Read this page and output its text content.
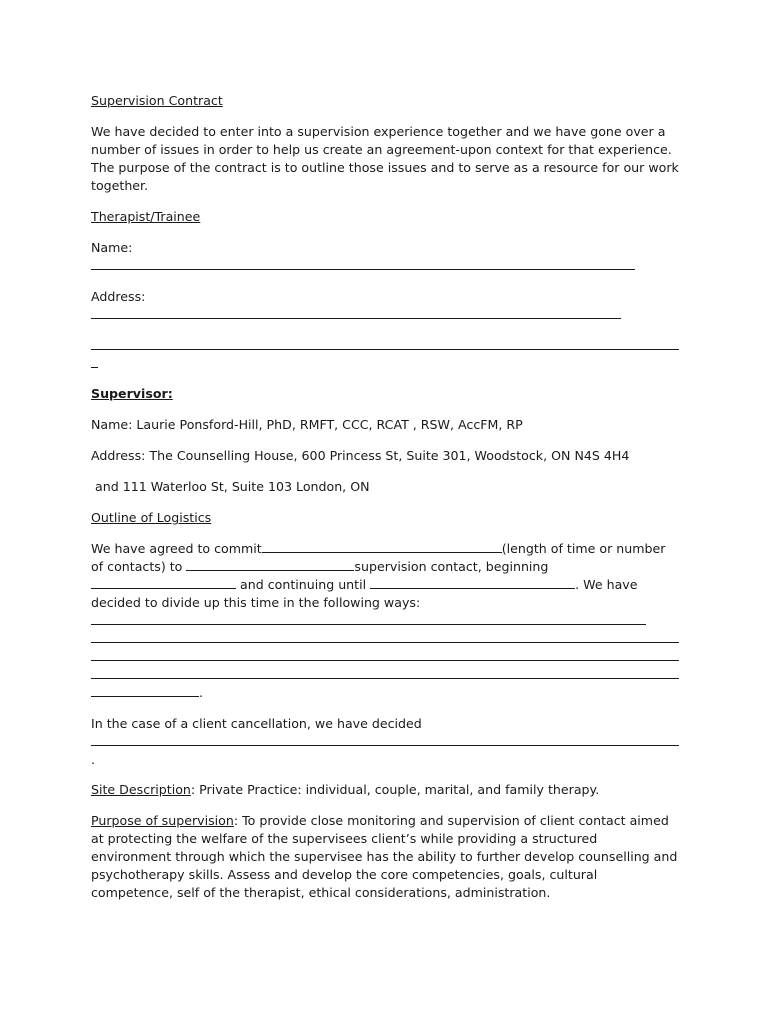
Supervision Contract

We have decided to enter into a supervision experience together and we have gone over a number of issues in order to help us create an agreement-upon context for that experience. The purpose of the contract is to outline those issues and to serve as a resource for our work together.

Therapist/Trainee

Name:

Address:

Supervisor:

Name: Laurie Ponsford-Hill, PhD, RMFT, CCC, RCAT , RSW, AccFM, RP

Address: The Counselling House, 600 Princess St, Suite 301, Woodstock, ON N4S 4H4

and 111 Waterloo St, Suite 103 London, ON

Outline of Logistics

We have agreed to commit	(length of time or number of contacts) to	supervision contact, beginning and continuing until	. We have decided to divide up this time in the following ways:

.

In the case of a client cancellation, we have decided

.

Site Description: Private Practice: individual, couple, marital, and family therapy.

Purpose of supervision: To provide close monitoring and supervision of client contact aimed at protecting the welfare of the supervisees client’s while providing a structured environment through which the supervisee has the ability to further develop counselling and psychotherapy skills. Assess and develop the core competencies, goals, cultural competence, self of the therapist, ethical considerations, administration.
